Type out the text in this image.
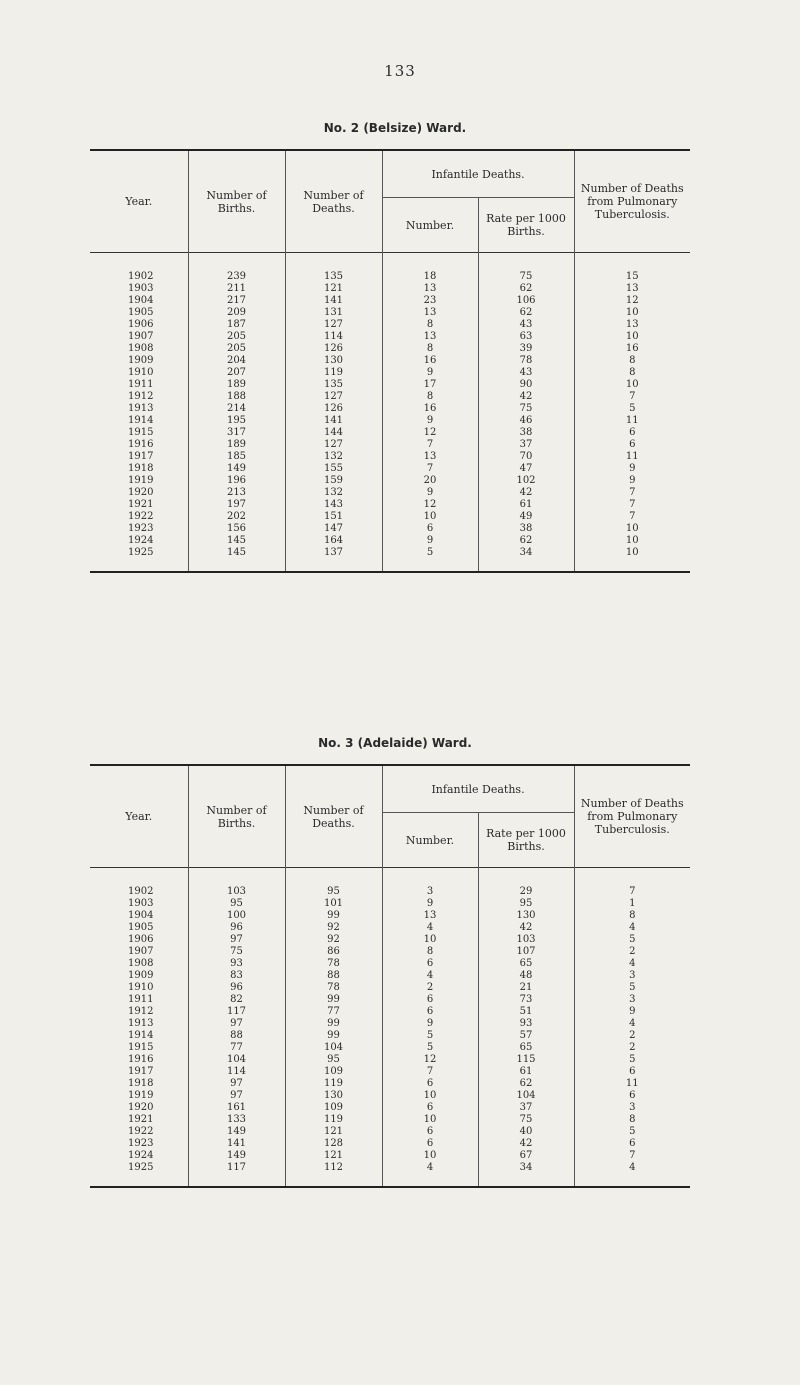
133
No. 2 (Belsize) Ward.
Year.	Number of Births.	Number of Deaths.	Infantile Deaths.		Number of Deaths from Pulmonary Tuberculosis.
			Number.	Rate per 1000 Births.	
1902	239	135	18	75	15
1903	211	121	13	62	13
1904	217	141	23	106	12
1905	209	131	13	62	10
1906	187	127	8	43	13
1907	205	114	13	63	10
1908	205	126	8	39	16
1909	204	130	16	78	8
1910	207	119	9	43	8
1911	189	135	17	90	10
1912	188	127	8	42	7
1913	214	126	16	75	5
1914	195	141	9	46	11
1915	317	144	12	38	6
1916	189	127	7	37	6
1917	185	132	13	70	11
1918	149	155	7	47	9
1919	196	159	20	102	9
1920	213	132	9	42	7
1921	197	143	12	61	7
1922	202	151	10	49	7
1923	156	147	6	38	10
1924	145	164	9	62	10
1925	145	137	5	34	10
No. 3 (Adelaide) Ward.
Year.	Number of Births.	Number of Deaths.	Infantile Deaths.		Number of Deaths from Pulmonary Tuberculosis.
			Number.	Rate per 1000 Births.	
1902	103	95	3	29	7
1903	95	101	9	95	1
1904	100	99	13	130	8
1905	96	92	4	42	4
1906	97	92	10	103	5
1907	75	86	8	107	2
1908	93	78	6	65	4
1909	83	88	4	48	3
1910	96	78	2	21	5
1911	82	99	6	73	3
1912	117	77	6	51	9
1913	97	99	9	93	4
1914	88	99	5	57	2
1915	77	104	5	65	2
1916	104	95	12	115	5
1917	114	109	7	61	6
1918	97	119	6	62	11
1919	97	130	10	104	6
1920	161	109	6	37	3
1921	133	119	10	75	8
1922	149	121	6	40	5
1923	141	128	6	42	6
1924	149	121	10	67	7
1925	117	112	4	34	4
